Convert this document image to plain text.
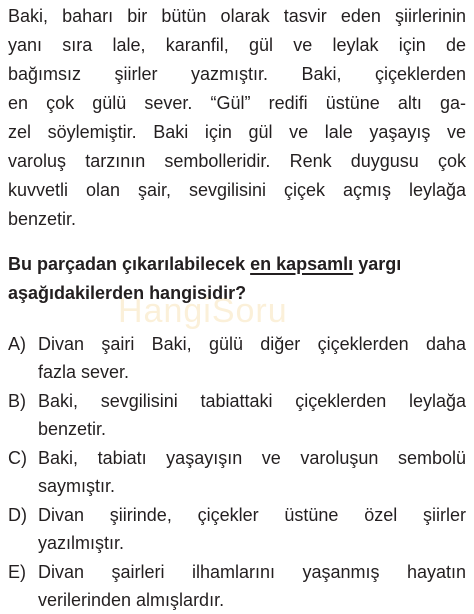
Baki, baharı bir bütün olarak tasvir eden şiirlerinin
yanı sıra lale, karanfil, gül ve leylak için de
bağımsız şiirler yazmıştır. Baki, çiçeklerden
en çok gülü sever. “Gül” redifi üstüne altı ga-
zel söylemiştir. Baki için gül ve lale yaşayış ve
varoluş tarzının sembolleridir. Renk duygusu çok
kuvvetli olan şair, sevgilisini çiçek açmış leylağa
benzetir.
Bu parçadan çıkarılabilecek en kapsamlı yargı
aşağıdakilerden hangisidir?
HangiSoru
A) Divan şairi Baki, gülü diğer çiçeklerden daha
fazla sever.
B) Baki, sevgilisini tabiattaki çiçeklerden leylağa
benzetir.
C) Baki, tabiatı yaşayışın ve varoluşun sembolü
saymıştır.
D) Divan şiirinde, çiçekler üstüne özel şiirler
yazılmıştır.
E) Divan şairleri ilhamlarını yaşanmış hayatın
verilerinden almışlardır.
